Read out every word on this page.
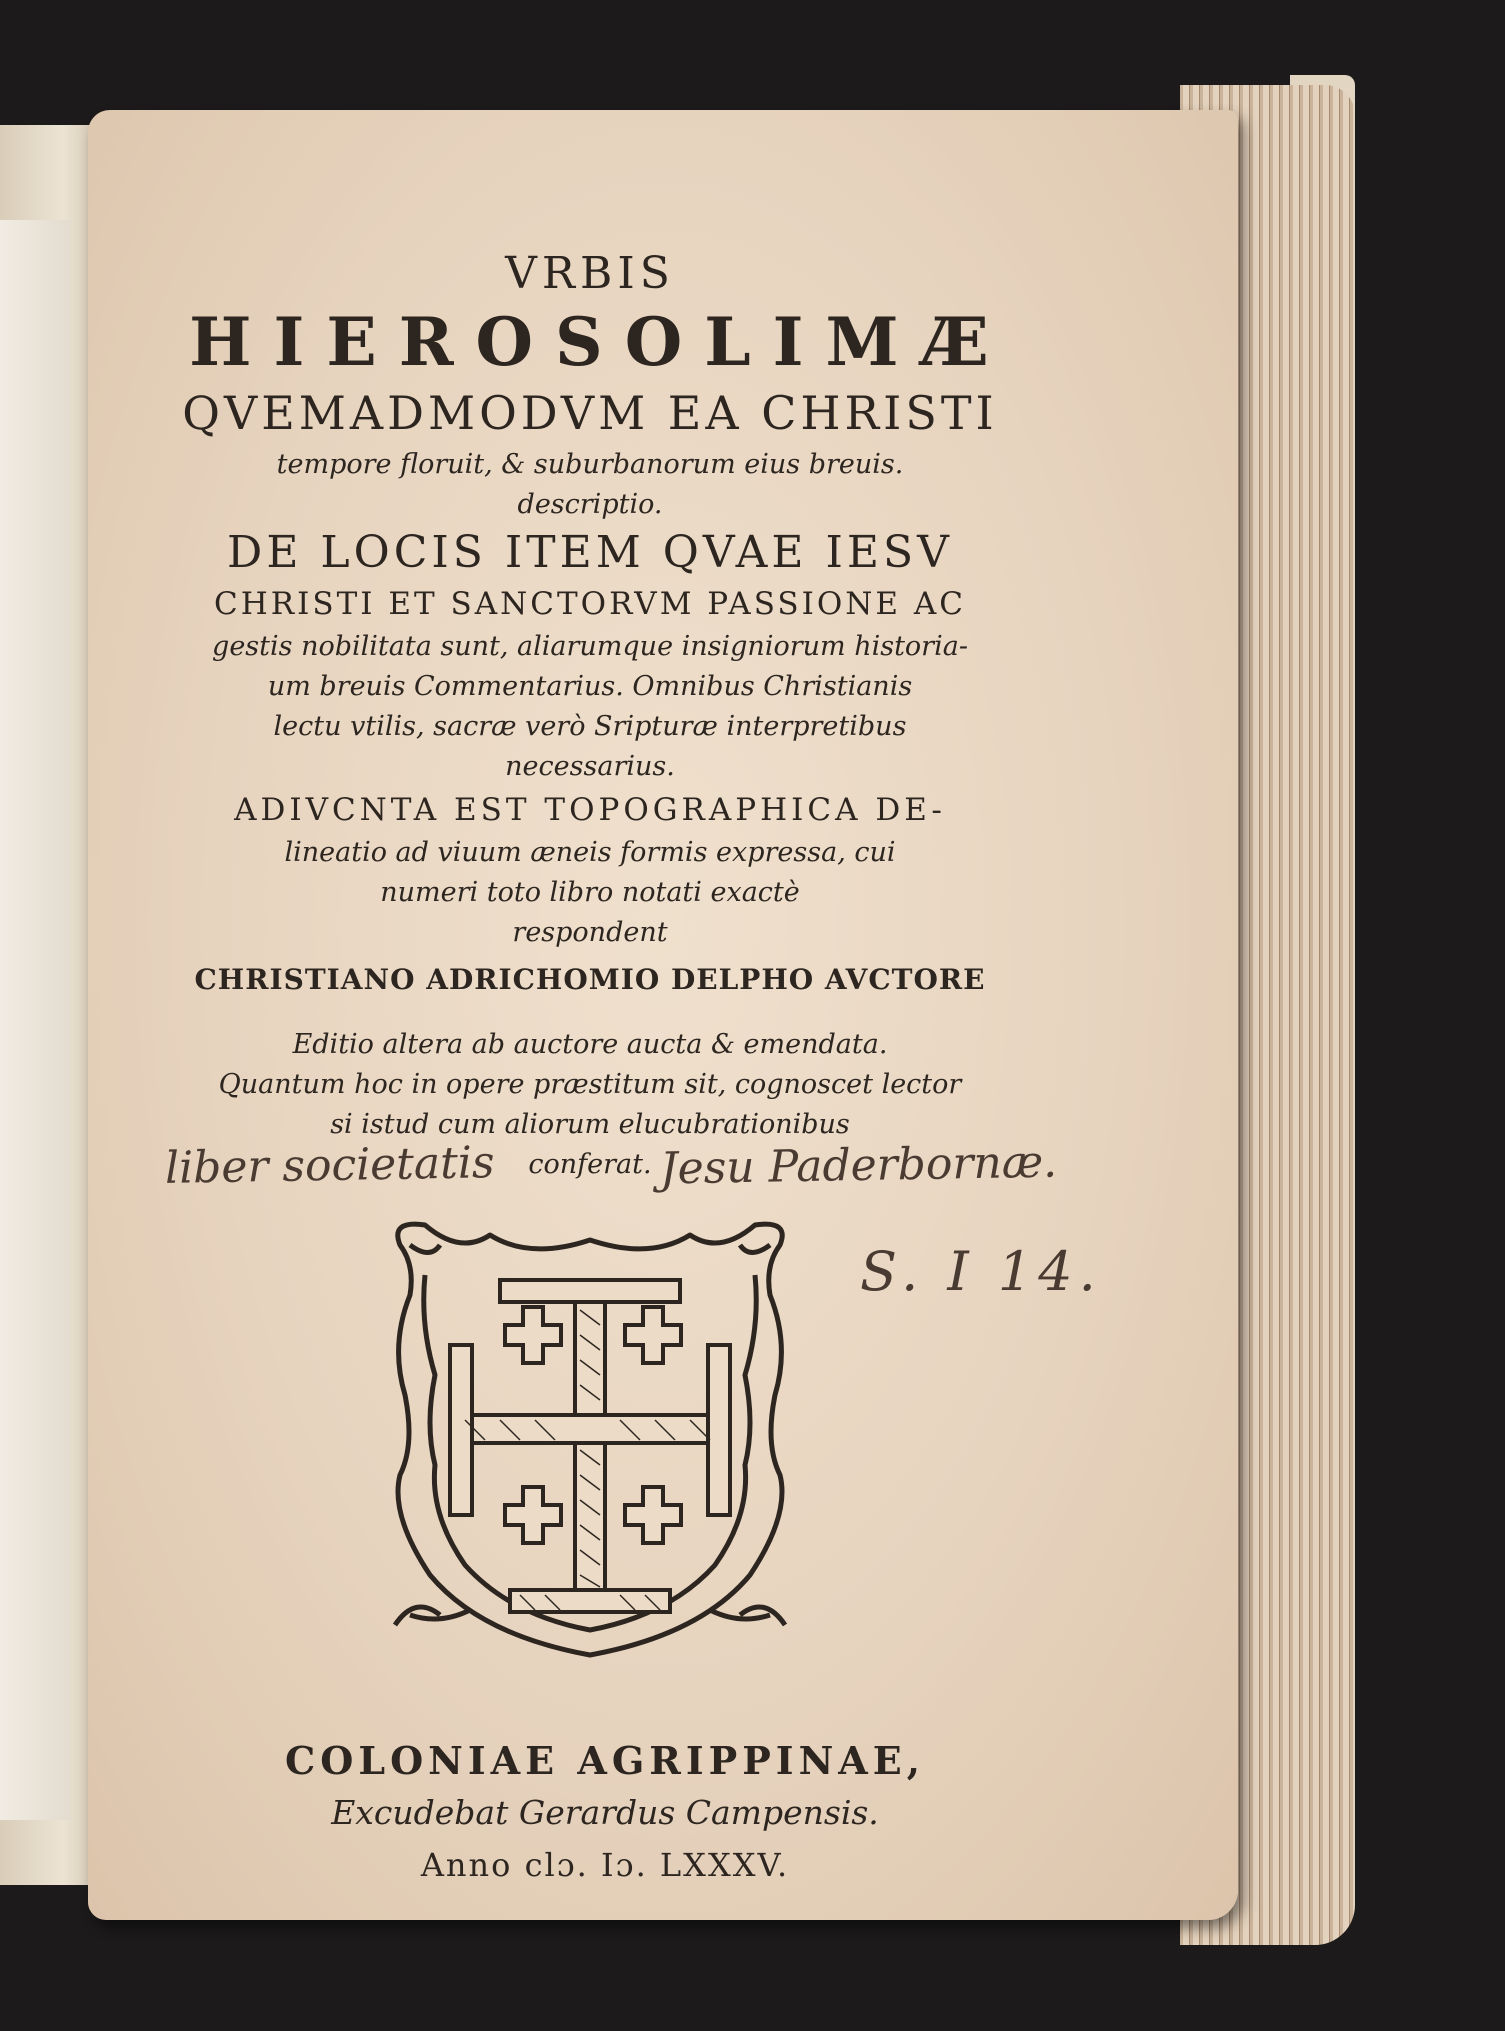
VRBIS
HIEROSOLIMÆ
QVEMADMODVM EA CHRISTI
tempore floruit, & suburbanorum eius breuis.
descriptio.
DE LOCIS ITEM QVAE IESV
CHRISTI ET SANCTORVM PASSIONE AC
gestis nobilitata sunt, aliarumque insigniorum historia-
um breuis Commentarius. Omnibus Christianis
lectu vtilis, sacræ verò Sripturæ interpretibus
necessarius.
ADIVCNTA EST TOPOGRAPHICA DE-
lineatio ad viuum æneis formis expressa, cui
numeri toto libro notati exactè
respondent
CHRISTIANO ADRICHOMIO DELPHO AVCTORE
Editio altera ab auctore aucta & emendata.
Quantum hoc in opere præstitum sit, cognoscet lector
si istud cum aliorum elucubrationibus
conferat.
liber societatis	Jesu Paderbornæ.
S. I 14.
COLONIAE AGRIPPINAE,
Excudebat Gerardus Campensis.
Anno clɔ. Iɔ. LXXXV.
